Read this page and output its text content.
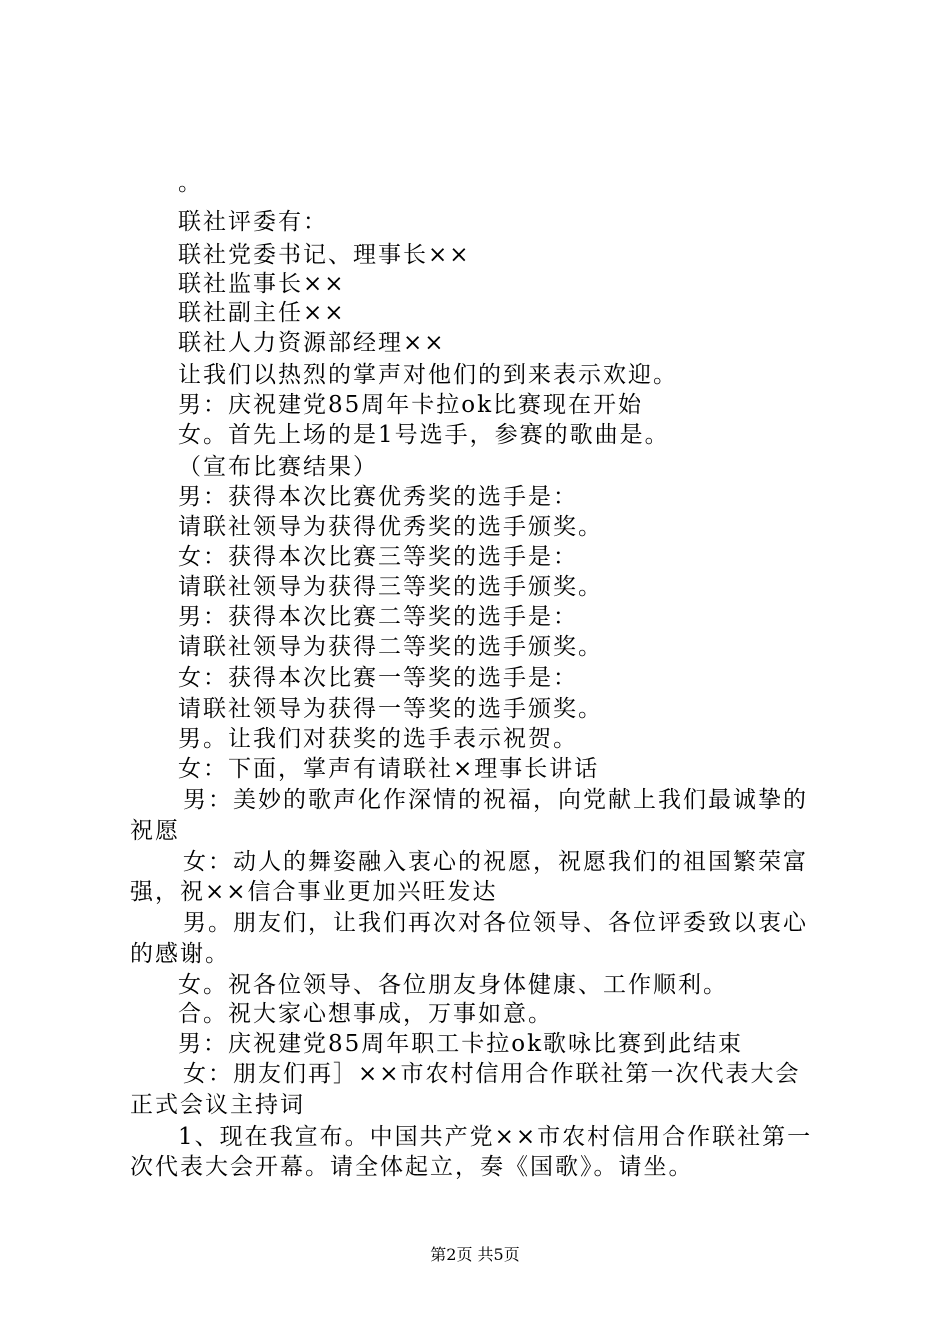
。
联社评委有：
联社党委书记、理事长××
联社监事长××
联社副主任××
联社人力资源部经理××
让我们以热烈的掌声对他们的到来表示欢迎。
男：庆祝建党85周年卡拉ok比赛现在开始
女。首先上场的是1号选手，参赛的歌曲是。
（宣布比赛结果）
男：获得本次比赛优秀奖的选手是：
请联社领导为获得优秀奖的选手颁奖。
女：获得本次比赛三等奖的选手是：
请联社领导为获得三等奖的选手颁奖。
男：获得本次比赛二等奖的选手是：
请联社领导为获得二等奖的选手颁奖。
女：获得本次比赛一等奖的选手是：
请联社领导为获得一等奖的选手颁奖。
男。让我们对获奖的选手表示祝贺。
女：下面，掌声有请联社×理事长讲话
男：美妙的歌声化作深情的祝福，向党献上我们最诚挚的
祝愿
女：动人的舞姿融入衷心的祝愿，祝愿我们的祖国繁荣富
强，祝××信合事业更加兴旺发达
男。朋友们，让我们再次对各位领导、各位评委致以衷心
的感谢。
女。祝各位领导、各位朋友身体健康、工作顺利。
合。祝大家心想事成，万事如意。
男：庆祝建党85周年职工卡拉ok歌咏比赛到此结束
女：朋友们再］××市农村信用合作联社第一次代表大会
正式会议主持词
1、现在我宣布。中国共产党××市农村信用合作联社第一
次代表大会开幕。请全体起立，奏《国歌》。请坐。
第2页 共5页
